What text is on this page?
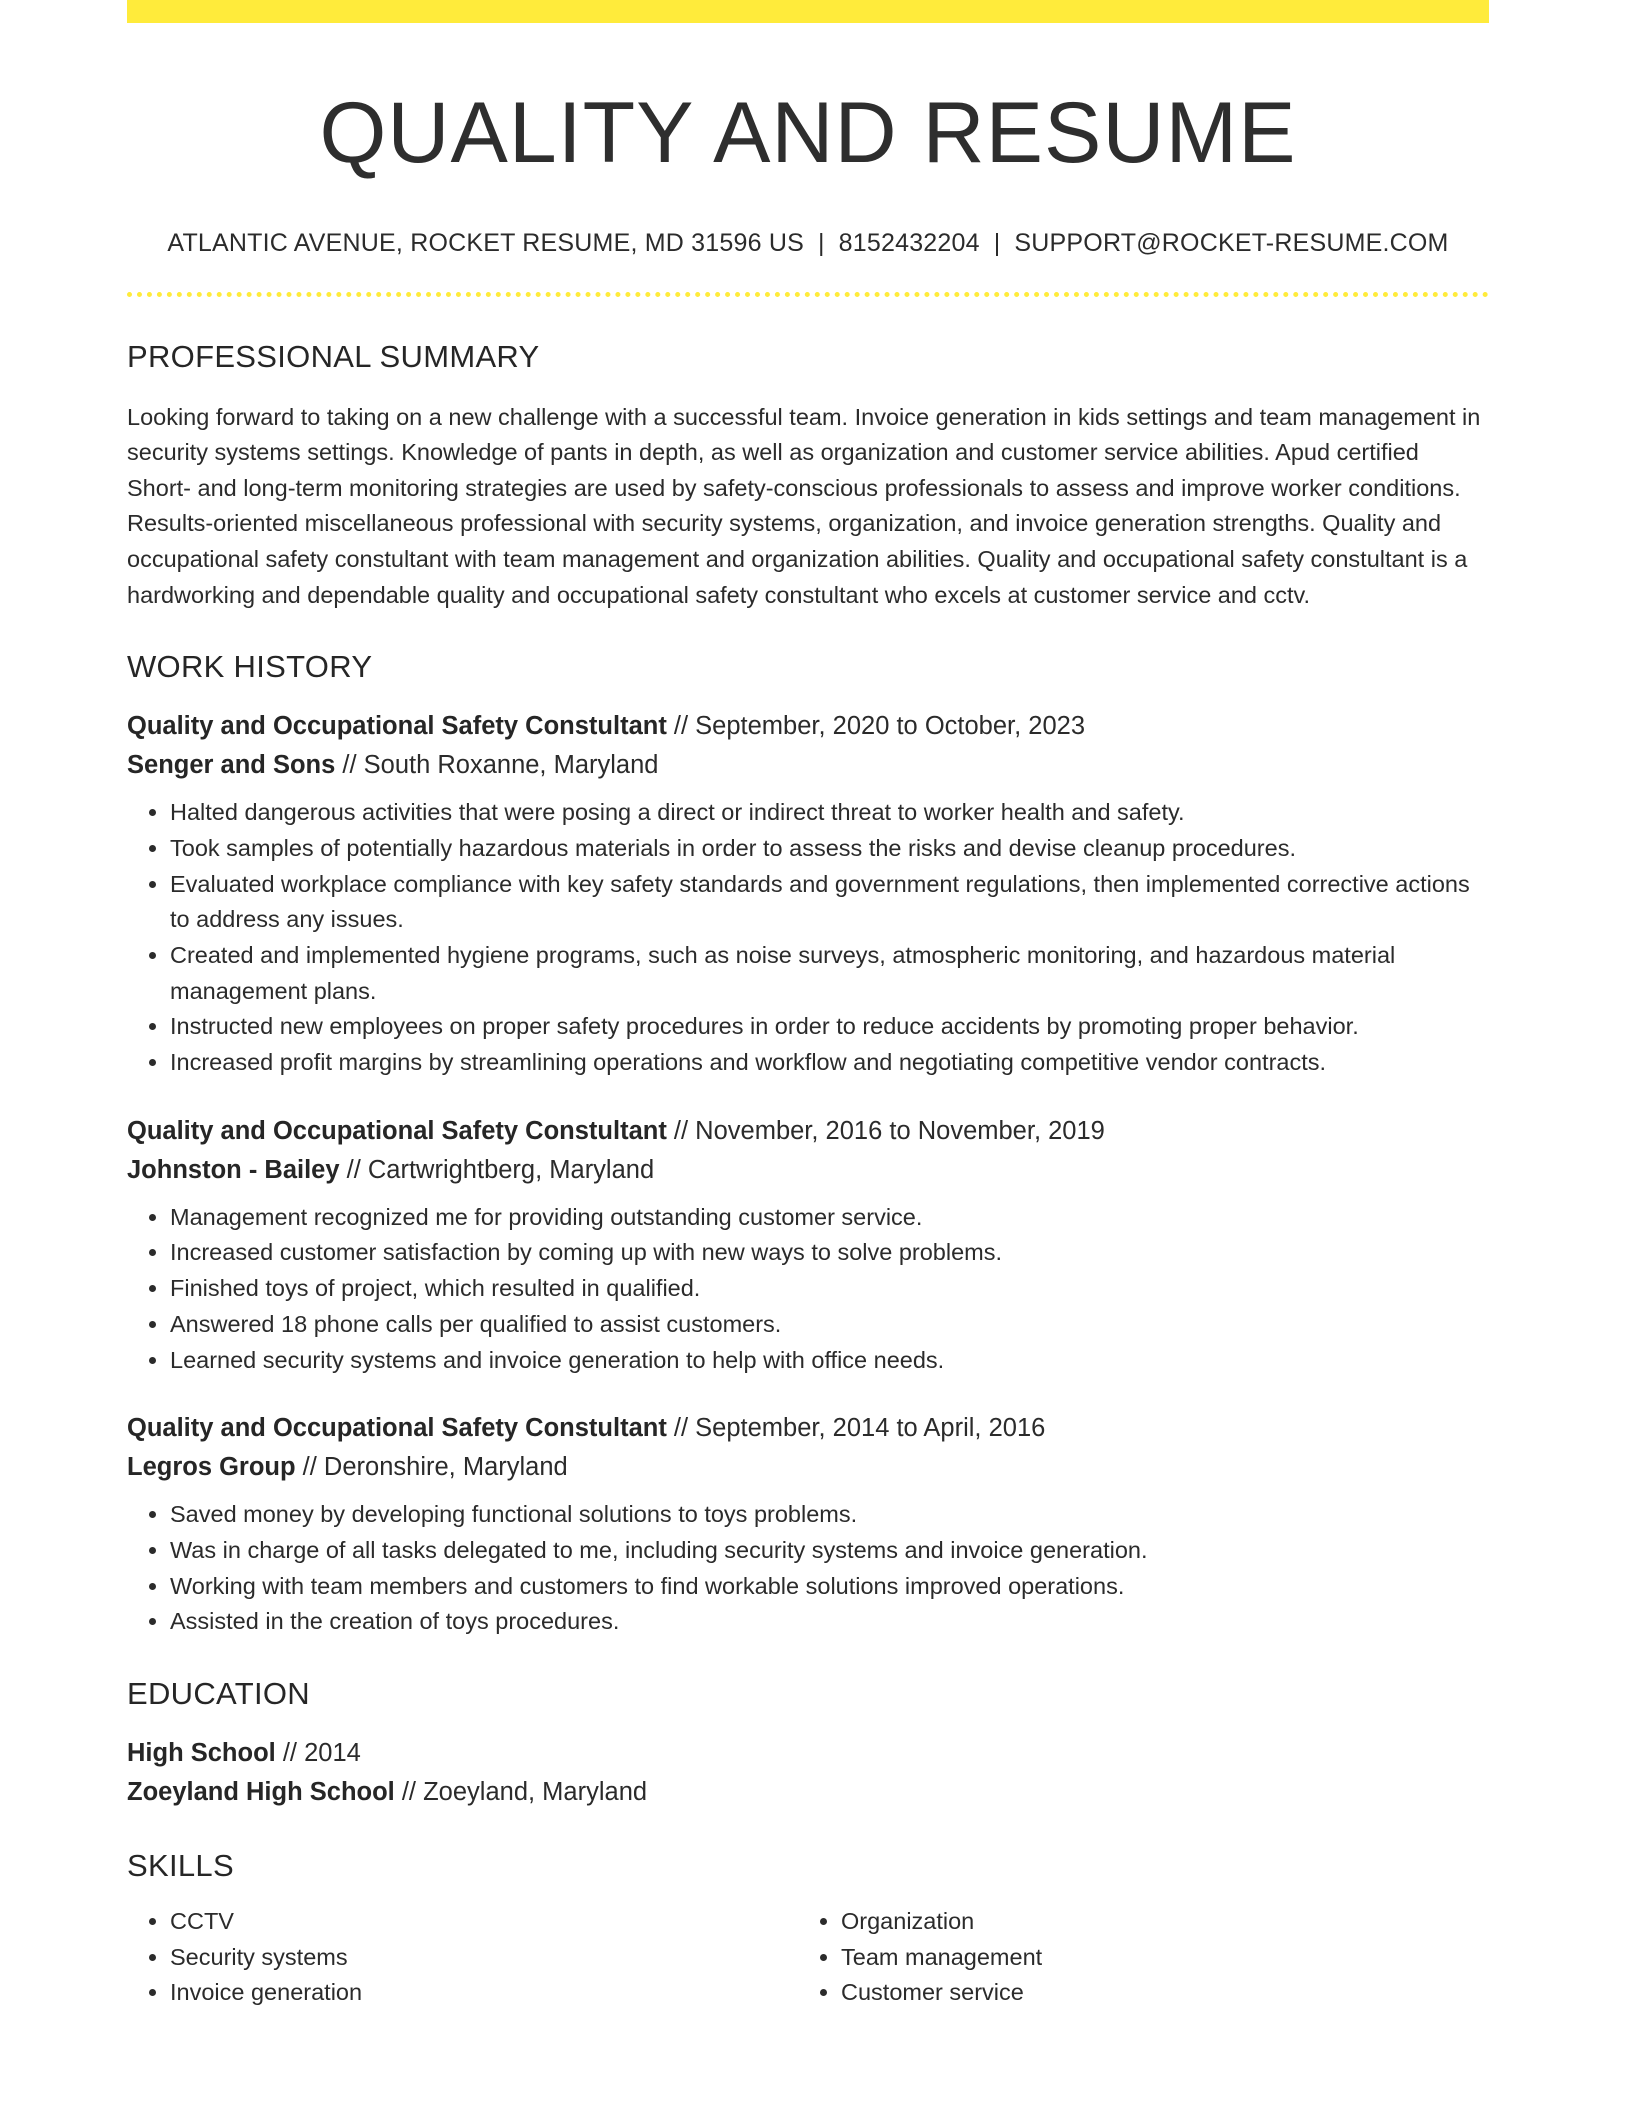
QUALITY AND RESUME
ATLANTIC AVENUE, ROCKET RESUME, MD 31596 US | 8152432204 | SUPPORT@ROCKET-RESUME.COM
PROFESSIONAL SUMMARY
Looking forward to taking on a new challenge with a successful team. Invoice generation in kids settings and team management in security systems settings. Knowledge of pants in depth, as well as organization and customer service abilities. Apud certified Short- and long-term monitoring strategies are used by safety-conscious professionals to assess and improve worker conditions. Results-oriented miscellaneous professional with security systems, organization, and invoice generation strengths. Quality and occupational safety constultant with team management and organization abilities. Quality and occupational safety constultant is a hardworking and dependable quality and occupational safety constultant who excels at customer service and cctv.
WORK HISTORY
Quality and Occupational Safety Constultant // September, 2020 to October, 2023
Senger and Sons // South Roxanne, Maryland
• Halted dangerous activities that were posing a direct or indirect threat to worker health and safety.
• Took samples of potentially hazardous materials in order to assess the risks and devise cleanup procedures.
• Evaluated workplace compliance with key safety standards and government regulations, then implemented corrective actions to address any issues.
• Created and implemented hygiene programs, such as noise surveys, atmospheric monitoring, and hazardous material management plans.
• Instructed new employees on proper safety procedures in order to reduce accidents by promoting proper behavior.
• Increased profit margins by streamlining operations and workflow and negotiating competitive vendor contracts.
Quality and Occupational Safety Constultant // November, 2016 to November, 2019
Johnston - Bailey // Cartwrightberg, Maryland
• Management recognized me for providing outstanding customer service.
• Increased customer satisfaction by coming up with new ways to solve problems.
• Finished toys of project, which resulted in qualified.
• Answered 18 phone calls per qualified to assist customers.
• Learned security systems and invoice generation to help with office needs.
Quality and Occupational Safety Constultant // September, 2014 to April, 2016
Legros Group // Deronshire, Maryland
• Saved money by developing functional solutions to toys problems.
• Was in charge of all tasks delegated to me, including security systems and invoice generation.
• Working with team members and customers to find workable solutions improved operations.
• Assisted in the creation of toys procedures.
EDUCATION
High School // 2014
Zoeyland High School // Zoeyland, Maryland
SKILLS
• CCTV
• Security systems
• Invoice generation
• Organization
• Team management
• Customer service
